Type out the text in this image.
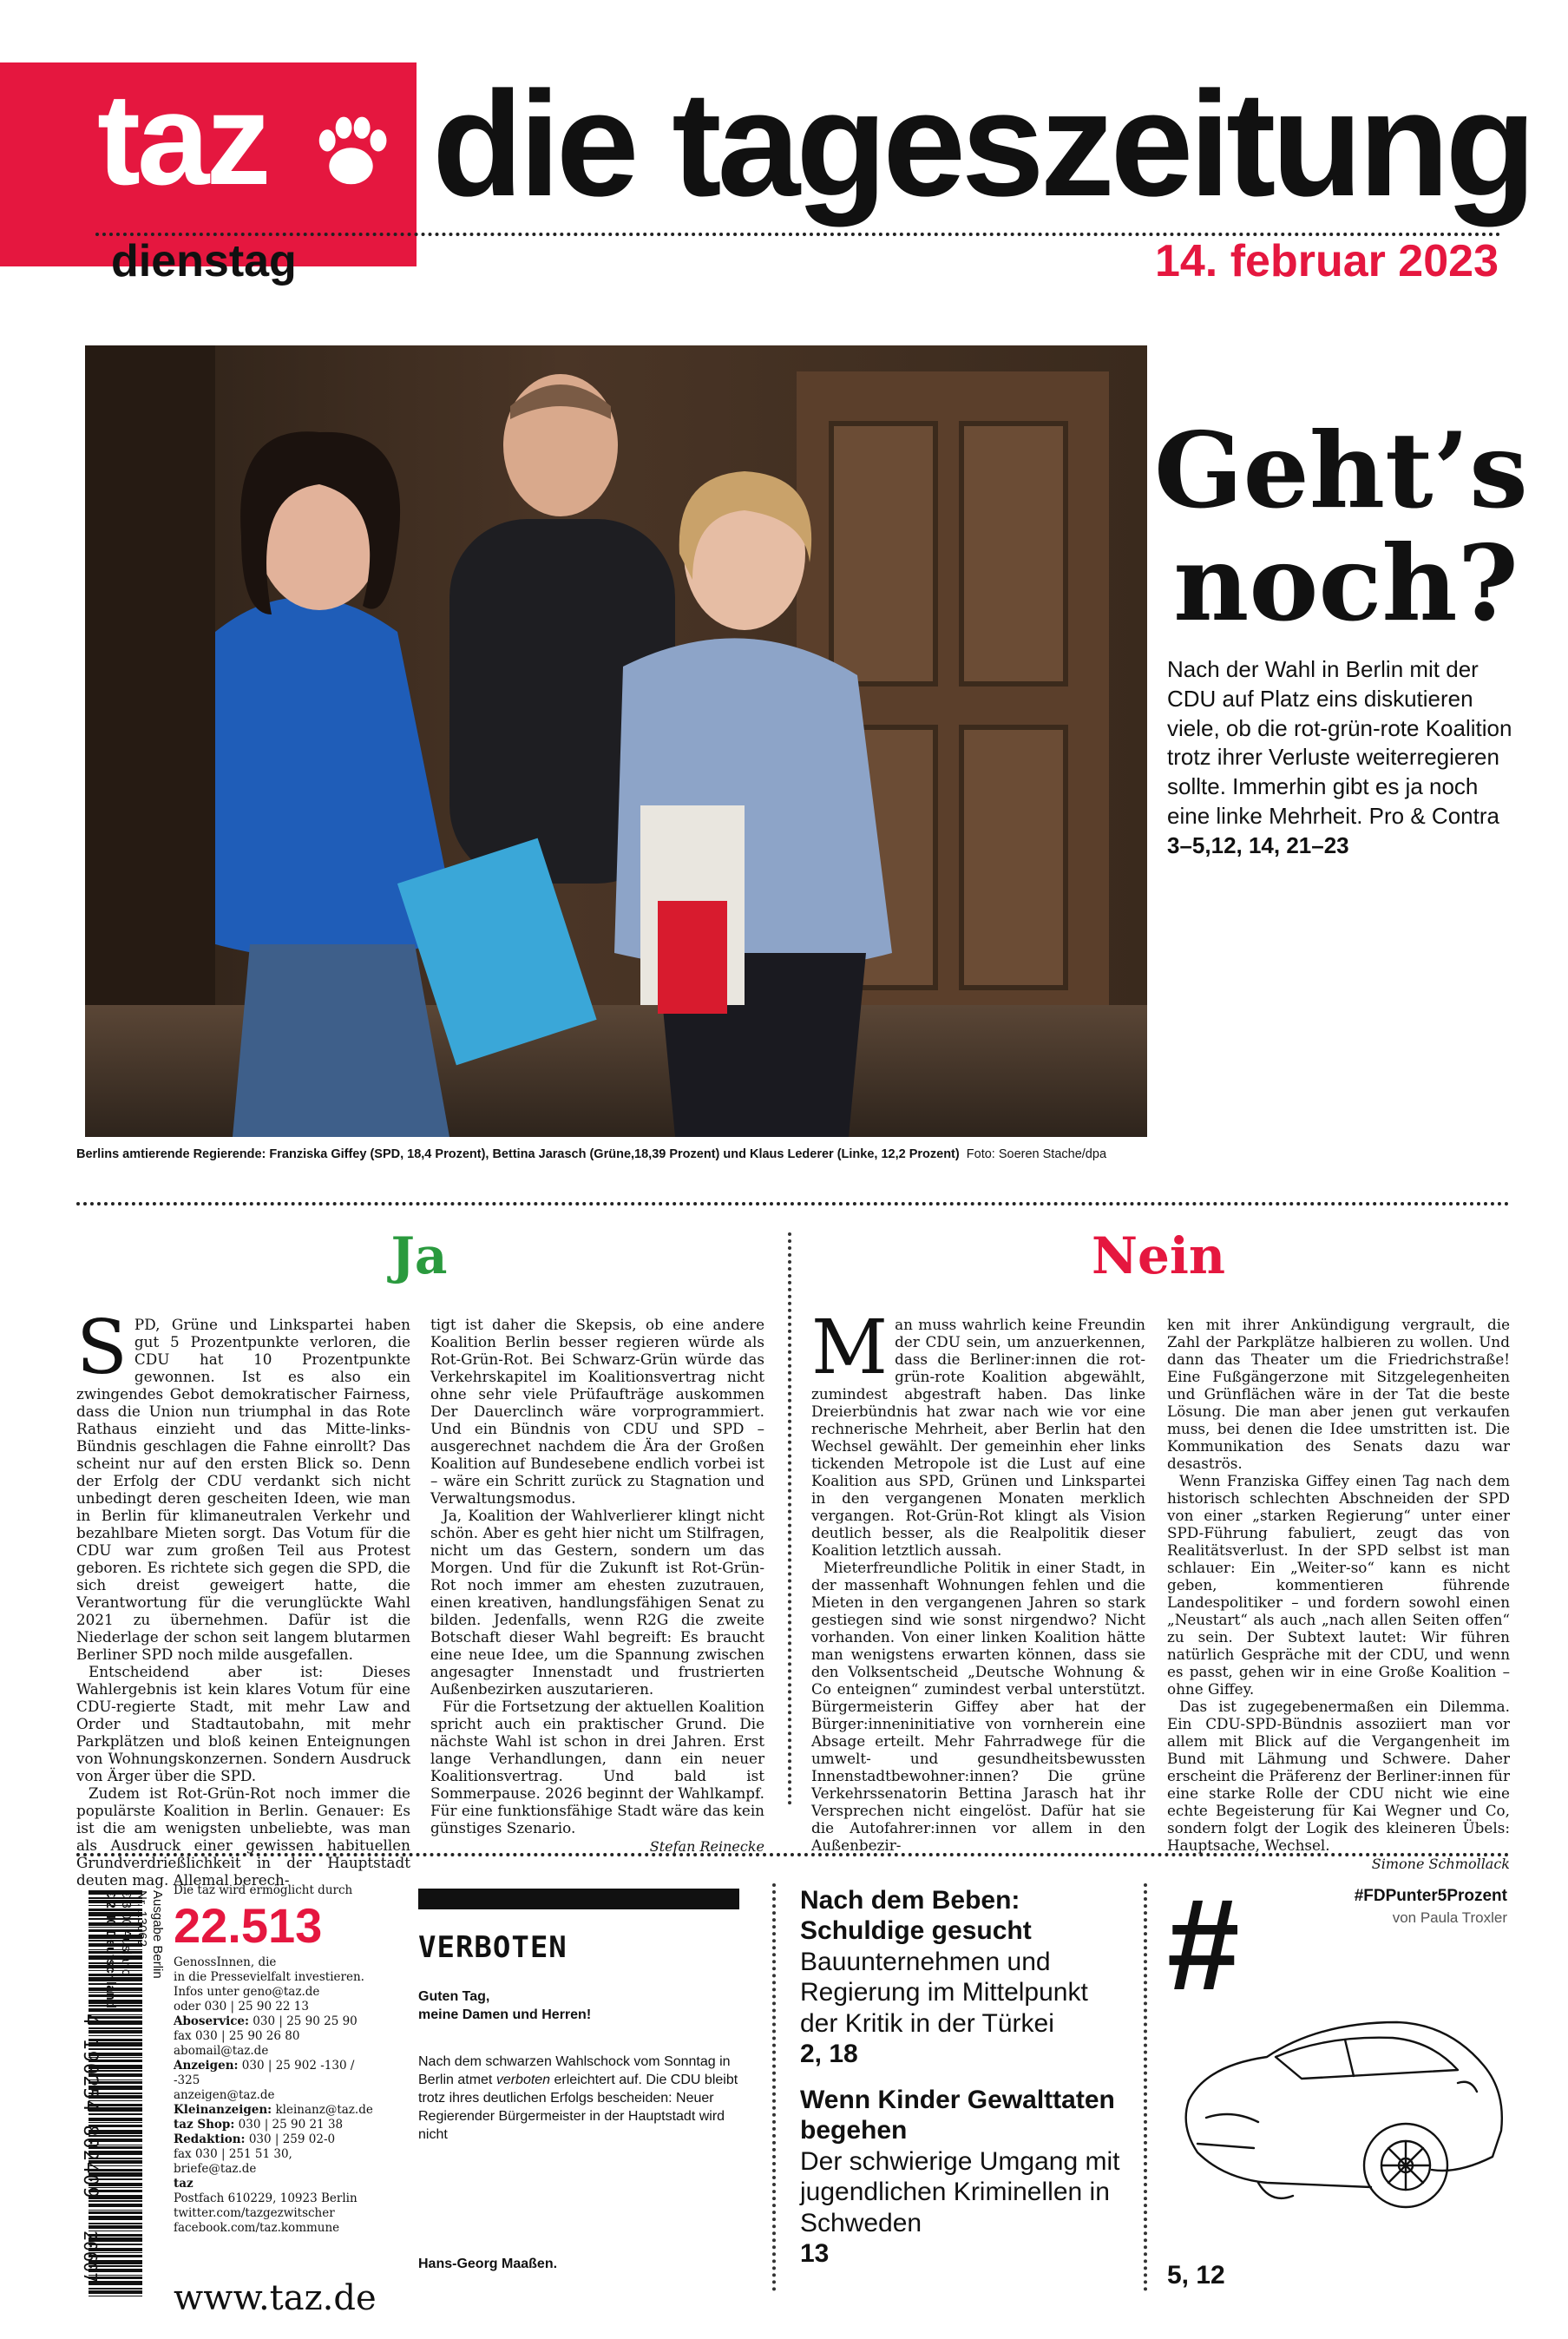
taz die tageszeitung
dienstag	14. februar 2023
Berlins amtierende Regierende: Franziska Giffey (SPD, 18,4 Prozent), Bettina Jarasch (Grüne,18,39 Prozent) und Klaus Lederer (Linke, 12,2 Prozent) Foto: Soeren Stache/dpa
Geht’s
noch?
Nach der Wahl in Berlin mit der CDU auf Platz eins diskutieren viele, ob die rot-grün-rote Koalition trotz ihrer Verluste weiterregieren sollte. Immerhin gibt es ja noch eine linke Mehrheit. Pro & Contra
3–5,12, 14, 21–23
Ja	Nein
S PD, Grüne und Linkspartei haben gut 5 Prozentpunkte verloren, die CDU hat 10 Prozentpunkte gewonnen. Ist es also ein zwingendes Gebot demokratischer Fairness, dass die Union nun triumphal in das Rote Rathaus einzieht und das Mitte-links-Bündnis geschlagen die Fahne einrollt? Das scheint nur auf den ersten Blick so. Denn der Erfolg der CDU verdankt sich nicht unbedingt deren gescheiten Ideen, wie man in Berlin für klimaneutralen Verkehr und bezahlbare Mieten sorgt. Das Votum für die CDU war zum großen Teil aus Protest geboren. Es richtete sich gegen die SPD, die sich dreist geweigert hatte, die Verantwortung für die verunglückte Wahl 2021 zu übernehmen. Dafür ist die Niederlage der schon seit langem blutarmen Berliner SPD noch milde ausgefallen.

Entscheidend aber ist: Dieses Wahlergebnis ist kein klares Votum für eine CDU-regierte Stadt, mit mehr Law and Order und Stadtautobahn, mit mehr Parkplätzen und bloß keinen Enteignungen von Wohnungskonzernen. Sondern Ausdruck von Ärger über die SPD.

Zudem ist Rot-Grün-Rot noch immer die populärste Koalition in Berlin. Genauer: Es ist die am wenigsten unbeliebte, was man als Ausdruck einer gewissen habituellen Grundverdrießlichkeit in der Hauptstadt deuten mag. Allemal berech-

tigt ist daher die Skepsis, ob eine andere Koalition Berlin besser regieren würde als Rot-Grün-Rot. Bei Schwarz-Grün würde das Verkehrskapitel im Koalitionsvertrag nicht ohne sehr viele Prüfaufträge auskommen Der Dauerclinch wäre vorprogrammiert. Und ein Bündnis von CDU und SPD – ausgerechnet nachdem die Ära der Großen Koalition auf Bundesebene endlich vorbei ist – wäre ein Schritt zurück zu Stagnation und Verwaltungsmodus.

Ja, Koalition der Wahlverlierer klingt nicht schön. Aber es geht hier nicht um Stilfragen, nicht um das Gestern, sondern um das Morgen. Und für die Zukunft ist Rot-Grün-Rot noch immer am ehesten zuzutrauen, einen kreativen, handlungsfähigen Senat zu bilden. Jedenfalls, wenn R2G die zweite Botschaft dieser Wahl begreift: Es braucht eine neue Idee, um die Spannung zwischen angesagter Innenstadt und frustrierten Außenbezirken auszutarieren.

Für die Fortsetzung der aktuellen Koalition spricht auch ein praktischer Grund. Die nächste Wahl ist schon in drei Jahren. Erst lange Verhandlungen, dann ein neuer Koalitionsvertrag. Und bald ist Sommerpause. 2026 beginnt der Wahlkampf. Für eine funktionsfähige Stadt wäre das kein günstiges Szenario.

Stefan Reinecke
M an muss wahrlich keine Freundin der CDU sein, um anzuerkennen, dass die Berliner:innen die rot-grün-rote Koalition abgewählt, zumindest abgestraft haben. Das linke Dreierbündnis hat zwar nach wie vor eine rechnerische Mehrheit, aber Berlin hat den Wechsel gewählt. Der gemeinhin eher links tickenden Metropole ist die Lust auf eine Koalition aus SPD, Grünen und Linkspartei in den vergangenen Monaten merklich vergangen. Rot-Grün-Rot klingt als Vision deutlich besser, als die Realpolitik dieser Koalition letztlich aussah.

Mieterfreundliche Politik in einer Stadt, in der massenhaft Wohnungen fehlen und die Mieten in den vergangenen Jahren so stark gestiegen sind wie sonst nirgendwo? Nicht vorhanden. Von einer linken Koalition hätte man wenigstens erwarten können, dass sie den Volksentscheid „Deutsche Wohnung & Co enteignen“ zumindest verbal unterstützt. Bürgermeisterin Giffey aber hat der Bürger:inneninitiative von vornherein eine Absage erteilt. Mehr Fahrradwege für die umwelt- und gesundheitsbewussten Innenstadtbewohner:innen? Die grüne Verkehrssenatorin Bettina Jarasch hat ihr Versprechen nicht eingelöst. Dafür hat sie die Autofahrer:innen vor allem in den Außenbezir-

ken mit ihrer Ankündigung vergrault, die Zahl der Parkplätze halbieren zu wollen. Und dann das Theater um die Friedrichstraße! Eine Fußgängerzone mit Sitzgelegenheiten und Grünflächen wäre in der Tat die beste Lösung. Die man aber jenen gut verkaufen muss, bei denen die Idee umstritten ist. Die Kommunikation des Senats dazu war desaströs.

Wenn Franziska Giffey einen Tag nach dem historisch schlechten Abschneiden der SPD von einer „starken Regierung“ unter einer SPD-Führung fabuliert, zeugt das von Realitätsverlust. In der SPD selbst ist man schlauer: Ein „Weiter-so“ kann es nicht geben, kommentieren führende Landespolitiker – und fordern sowohl einen „Neustart“ als auch „nach allen Seiten offen“ zu sein. Der Subtext lautet: Wir führen natürlich Gespräche mit der CDU, und wenn es passt, gehen wir in eine Große Koalition – ohne Giffey.

Das ist zugegebenermaßen ein Dilemma. Ein CDU-SPD-Bündnis assoziiert man vor allem mit Blick auf die Vergangenheit im Bund mit Lähmung und Schwere. Daher erscheint die Präferenz der Berliner:innen für eine starke Rolle der CDU nicht wie eine echte Begeisterung für Kai Wegner und Co, sondern folgt der Logik des kleineren Übels: Hauptsache, Wechsel.

Simone Schmollack
Ausgabe Berlin
Nr. 13062
€ 3,00 Ausland
€ 2,40 Deutschland
4 190254 802409
20607
Die taz wird ermöglicht durch
22.513
GenossInnen, die
in die Pressevielfalt investieren.
Infos unter geno@taz.de
oder 030 | 25 90 22 13
Aboservice: 030 | 25 90 25 90
fax 030 | 25 90 26 80
abomail@taz.de
Anzeigen: 030 | 25 902 -130 / -325
anzeigen@taz.de
Kleinanzeigen: kleinanz@taz.de
taz Shop: 030 | 25 90 21 38
Redaktion: 030 | 259 02-0
fax 030 | 251 51 30,
briefe@taz.de
taz
Postfach 610229, 10923 Berlin
twitter.com/tazgezwitscher
facebook.com/taz.kommune
www.taz.de
VERBOTEN
Guten Tag,
meine Damen und Herren!
Nach dem schwarzen Wahlschock vom Sonntag in Berlin atmet verboten erleichtert auf. Die CDU bleibt trotz ihres deutlichen Erfolgs bescheiden: Neuer Regierender Bürgermeister in der Hauptstadt wird nicht
Hans-Georg Maaßen.
Nach dem Beben: Schuldige gesucht
Bauunternehmen und Regierung im Mittelpunkt der Kritik in der Türkei
2, 18
Wenn Kinder Gewalttaten begehen
Der schwierige Umgang mit jugendlichen Kriminellen in Schweden
13
#	#FDPunter5Prozent
von Paula Troxler
5, 12
